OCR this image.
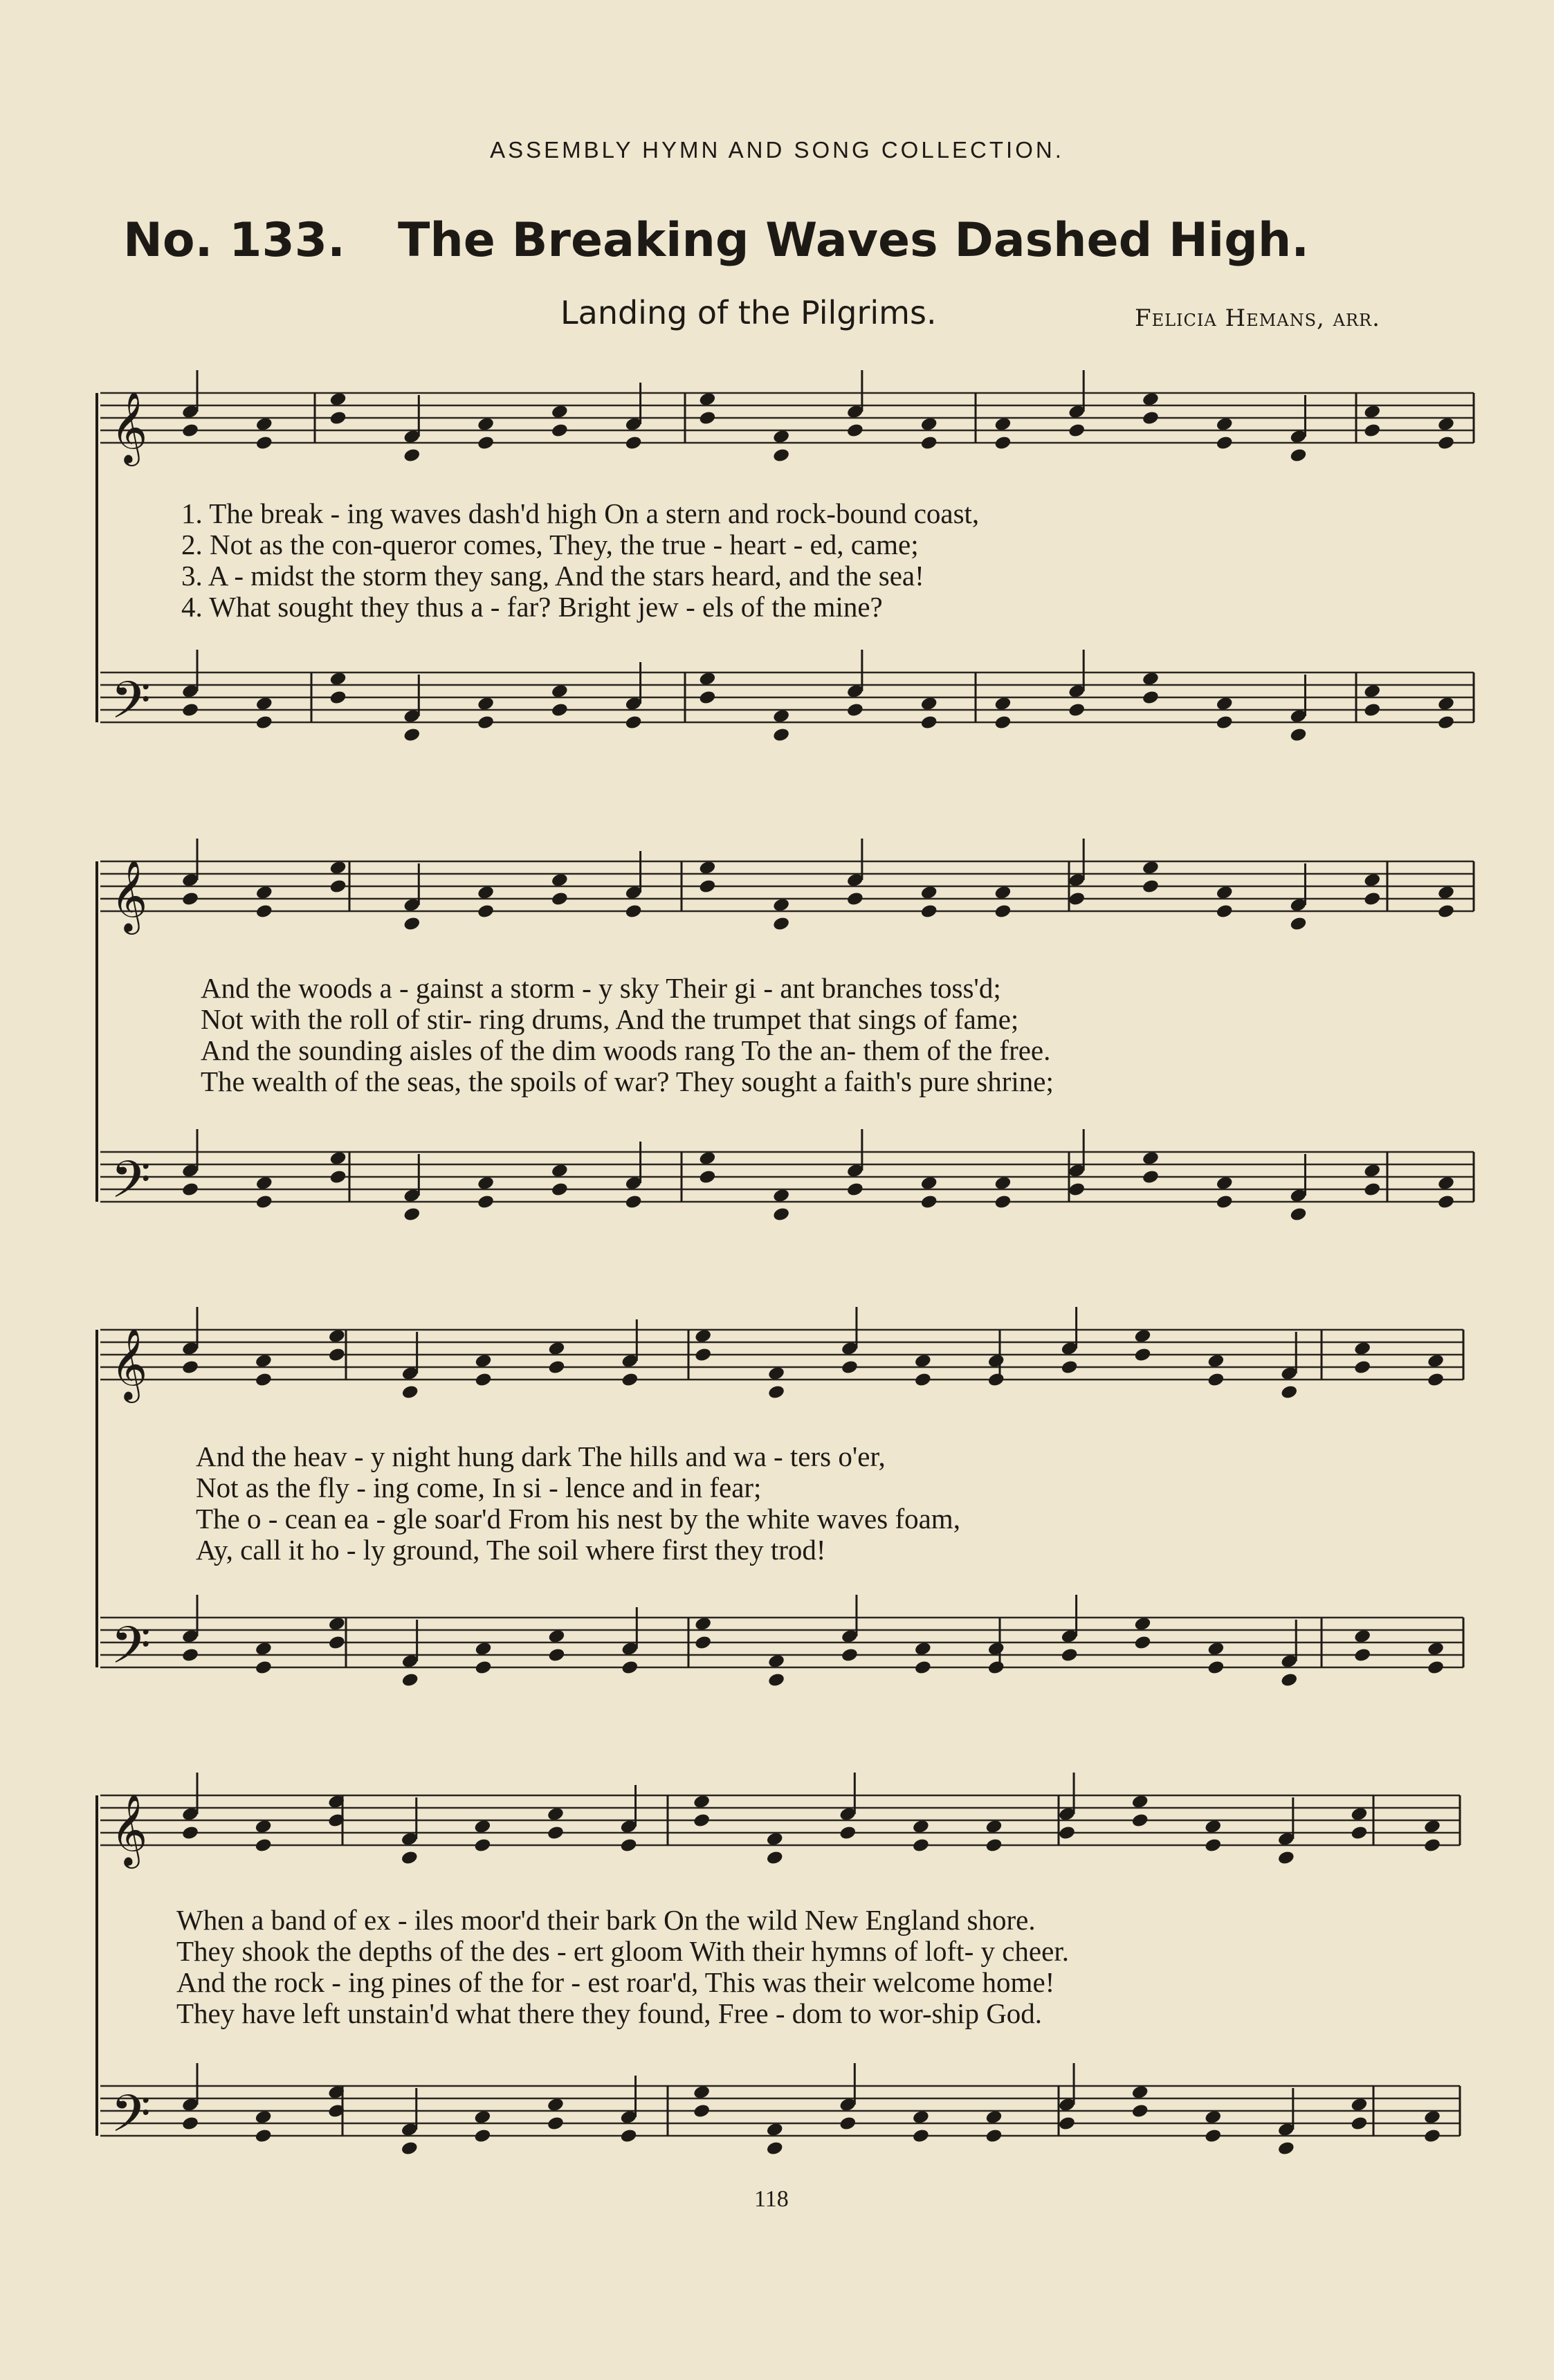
ASSEMBLY HYMN AND SONG COLLECTION.
No. 133. The Breaking Waves Dashed High.
Landing of the Pilgrims.	Felicia Hemans, arr.
𝄞
𝄢
𝄞
𝄢
𝄞
𝄢
𝄞
𝄢
1. The break - ing waves dash'd high On a stern and rock-bound coast,
2. Not as the con-queror comes, They, the true - heart - ed, came;
3. A - midst the storm they sang, And the stars heard, and the sea!
4. What sought they thus a - far? Bright jew - els of the mine?
And the woods a - gainst a storm - y sky Their gi - ant branches toss'd;
Not with the roll of stir- ring drums, And the trumpet that sings of fame;
And the sounding aisles of the dim woods rang To the an- them of the free.
The wealth of the seas, the spoils of war? They sought a faith's pure shrine;
And the heav - y night hung dark The hills and wa - ters o'er,
Not as the fly - ing come, In si - lence and in fear;
The o - cean ea - gle soar'd From his nest by the white waves foam,
Ay, call it ho - ly ground, The soil where first they trod!
When a band of ex - iles moor'd their bark On the wild New England shore.
They shook the depths of the des - ert gloom With their hymns of loft- y cheer.
And the rock - ing pines of the for - est roar'd, This was their welcome home!
They have left unstain'd what there they found, Free - dom to wor-ship God.
118
